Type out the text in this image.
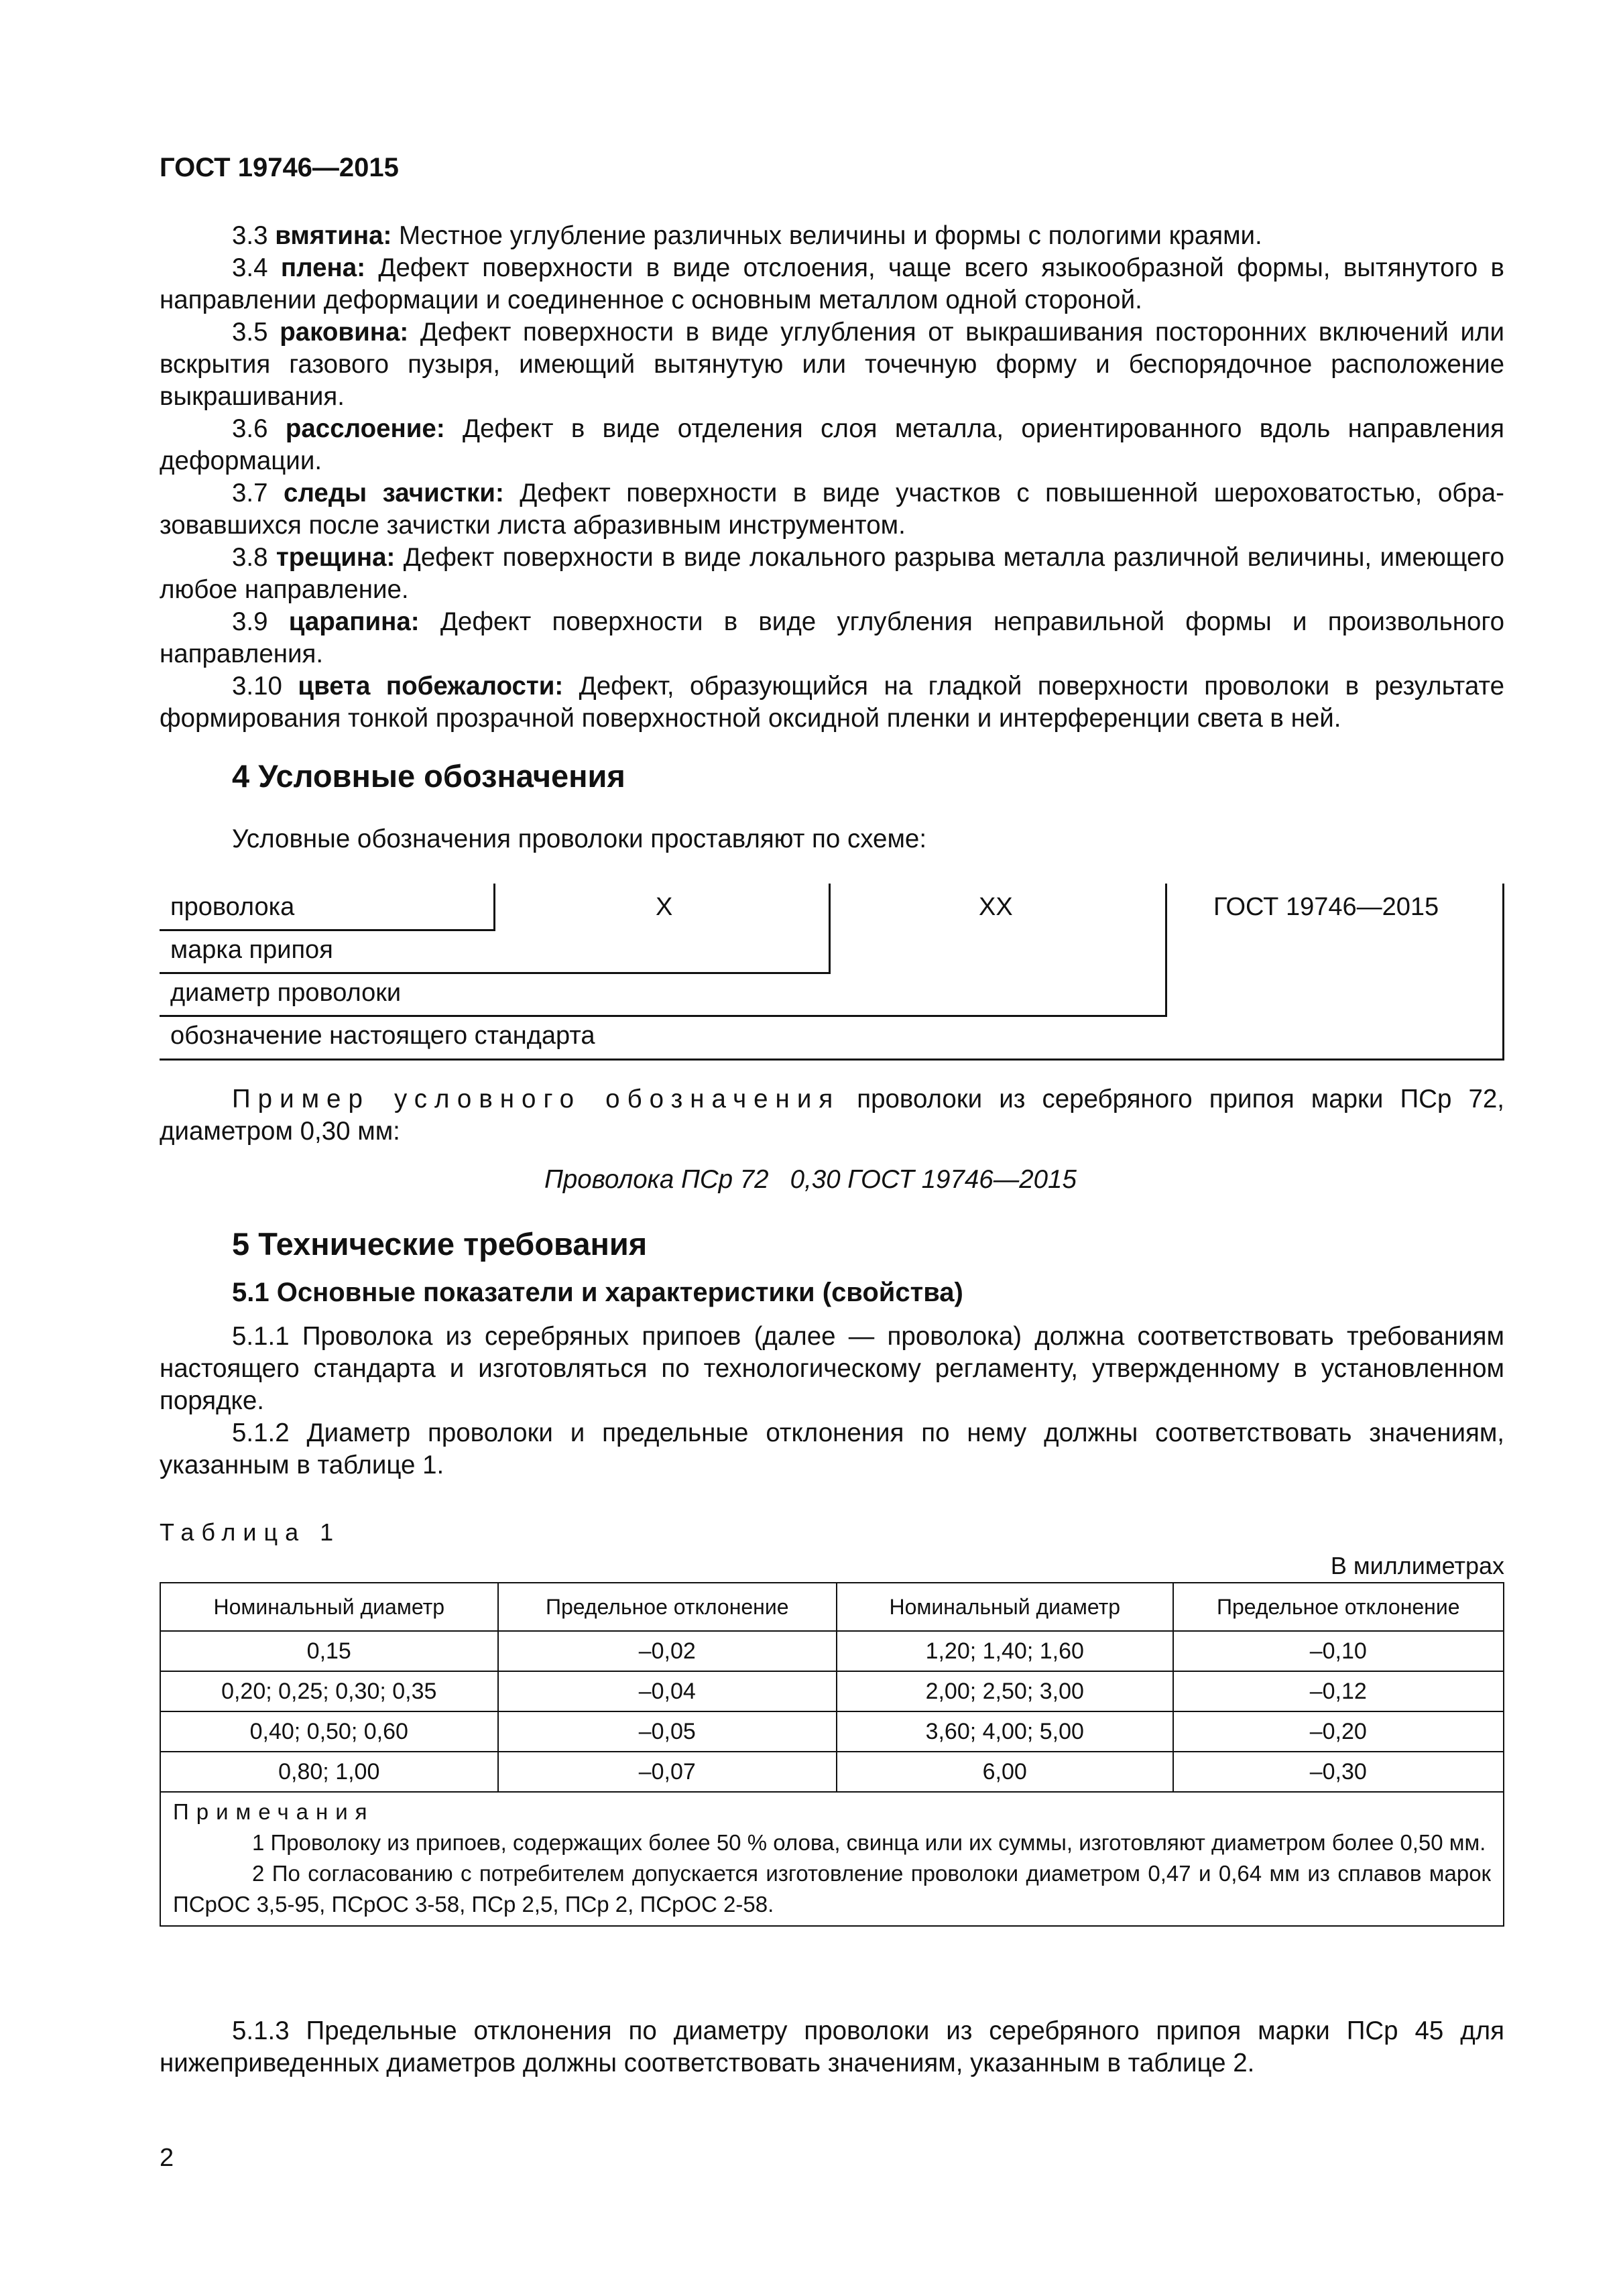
ГОСТ 19746—2015
3.3 вмятина: Местное углубление различных величины и формы с пологими краями.
3.4 плена: Дефект поверхности в виде отслоения, чаще всего языкообразной формы, вытянутого в направлении деформации и соединенное с основным металлом одной стороной.
3.5 раковина: Дефект поверхности в виде углубления от выкрашивания посторонних включений или вскрытия газового пузыря, имеющий вытянутую или точечную форму и беспорядочное расположение выкрашивания.
3.6 расслоение: Дефект в виде отделения слоя металла, ориентированного вдоль направления деформации.
3.7 следы зачистки: Дефект поверхности в виде участков с повышенной шероховатостью, образовавшихся после зачистки листа абразивным инструментом.
3.8 трещина: Дефект поверхности в виде локального разрыва металла различной величины, имеющего любое направление.
3.9 царапина: Дефект поверхности в виде углубления неправильной формы и произвольного направления.
3.10 цвета побежалости: Дефект, образующийся на гладкой поверхности проволоки в результате формирования тонкой прозрачной поверхностной оксидной пленки и интерференции света в ней.
4 Условные обозначения
Условные обозначения проволоки проставляют по схеме:
проволока	Х	ХХ	ГОСТ 19746—2015
марка припоя
диаметр проволоки
обозначение настоящего стандарта
Пример условного обозначения проволоки из серебряного припоя марки ПСр 72, диаметром 0,30 мм:
Проволока ПСр 72   0,30 ГОСТ 19746—2015
5 Технические требования
5.1 Основные показатели и характеристики (свойства)
5.1.1 Проволока из серебряных припоев (далее — проволока) должна соответствовать требованиям настоящего стандарта и изготовляться по технологическому регламенту, утвержденному в установленном порядке.
5.1.2 Диаметр проволоки и предельные отклонения по нему должны соответствовать значениям, указанным в таблице 1.
Таблица 1
В миллиметрах
Номинальный диаметр	Предельное отклонение	Номинальный диаметр	Предельное отклонение
0,15	–0,02	1,20; 1,40; 1,60	–0,10
0,20; 0,25; 0,30; 0,35	–0,04	2,00; 2,50; 3,00	–0,12
0,40; 0,50; 0,60	–0,05	3,60; 4,00; 5,00	–0,20
0,80; 1,00	–0,07	6,00	–0,30

Примечания
1 Проволоку из припоев, содержащих более 50 % олова, свинца или их суммы, изготовляют диаметром более 0,50 мм.
2 По согласованию с потребителем допускается изготовление проволоки диаметром 0,47 и 0,64 мм из сплавов марок ПСрОС 3,5-95, ПСрОС 3-58, ПСр 2,5, ПСр 2, ПСрОС 2-58.			
5.1.3 Предельные отклонения по диаметру проволоки из серебряного припоя марки ПСр 45 для нижеприведенных диаметров должны соответствовать значениям, указанным в таблице 2.
2
